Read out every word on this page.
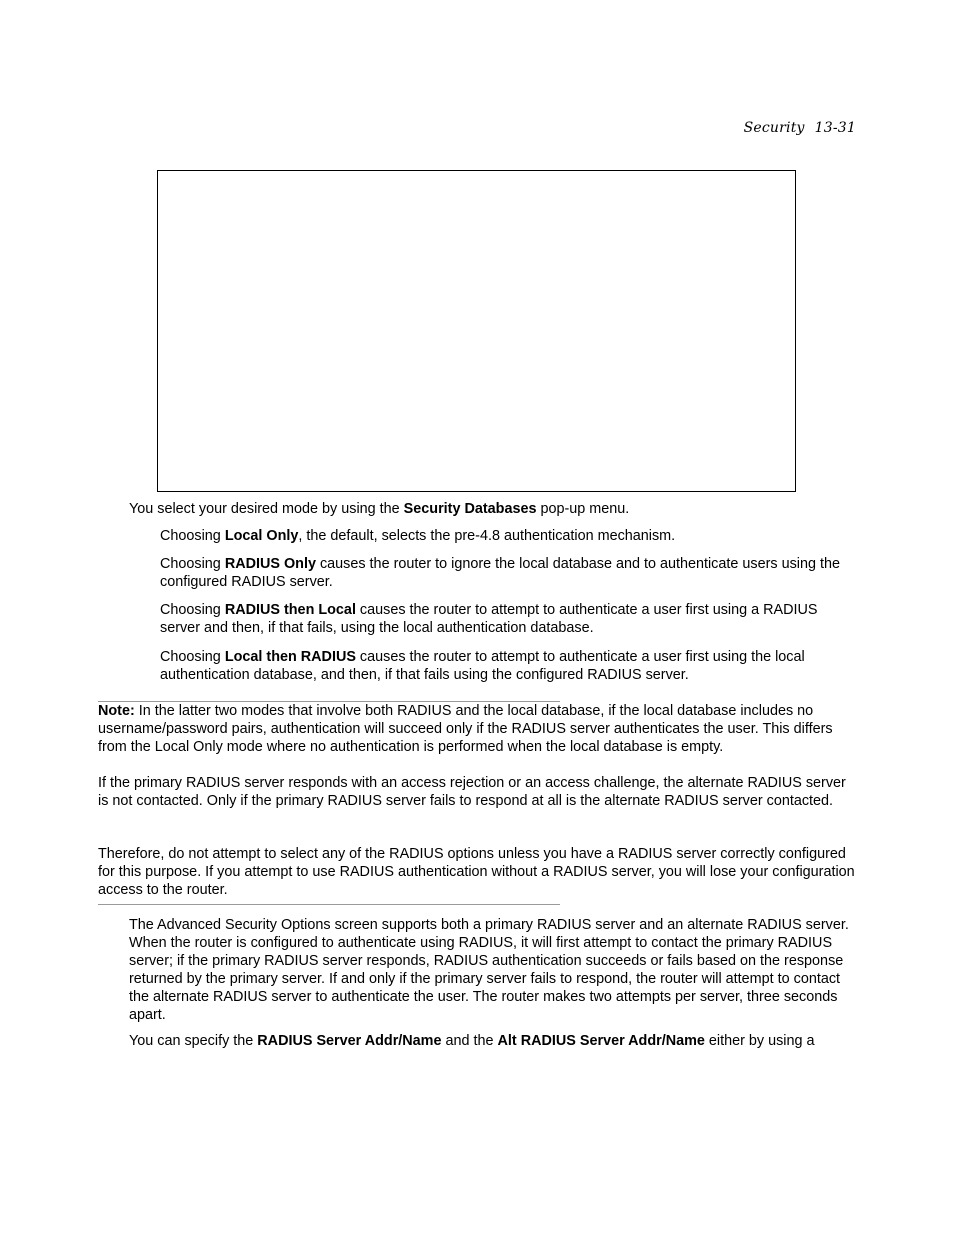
Security 13-31

You select your desired mode by using the Security Databases pop-up menu.

Choosing Local Only, the default, selects the pre-4.8 authentication mechanism.

Choosing RADIUS Only causes the router to ignore the local database and to authenticate users using the configured RADIUS server.

Choosing RADIUS then Local causes the router to attempt to authenticate a user first using a RADIUS server and then, if that fails, using the local authentication database.

Choosing Local then RADIUS causes the router to attempt to authenticate a user first using the local authentication database, and then, if that fails using the configured RADIUS server.

Note: In the latter two modes that involve both RADIUS and the local database, if the local database includes no username/password pairs, authentication will succeed only if the RADIUS server authenticates the user. This differs from the Local Only mode where no authentication is performed when the local database is empty.

If the primary RADIUS server responds with an access rejection or an access challenge, the alternate RADIUS server is not contacted. Only if the primary RADIUS server fails to respond at all is the alternate RADIUS server contacted.

Therefore, do not attempt to select any of the RADIUS options unless you have a RADIUS server correctly configured for this purpose. If you attempt to use RADIUS authentication without a RADIUS server, you will lose your configuration access to the router.

The Advanced Security Options screen supports both a primary RADIUS server and an alternate RADIUS server. When the router is configured to authenticate using RADIUS, it will first attempt to contact the primary RADIUS server; if the primary RADIUS server responds, RADIUS authentication succeeds or fails based on the response returned by the primary server. If and only if the primary server fails to respond, the router will attempt to contact the alternate RADIUS server to authenticate the user. The router makes two attempts per server, three seconds apart.

You can specify the RADIUS Server Addr/Name and the Alt RADIUS Server Addr/Name either by using a
